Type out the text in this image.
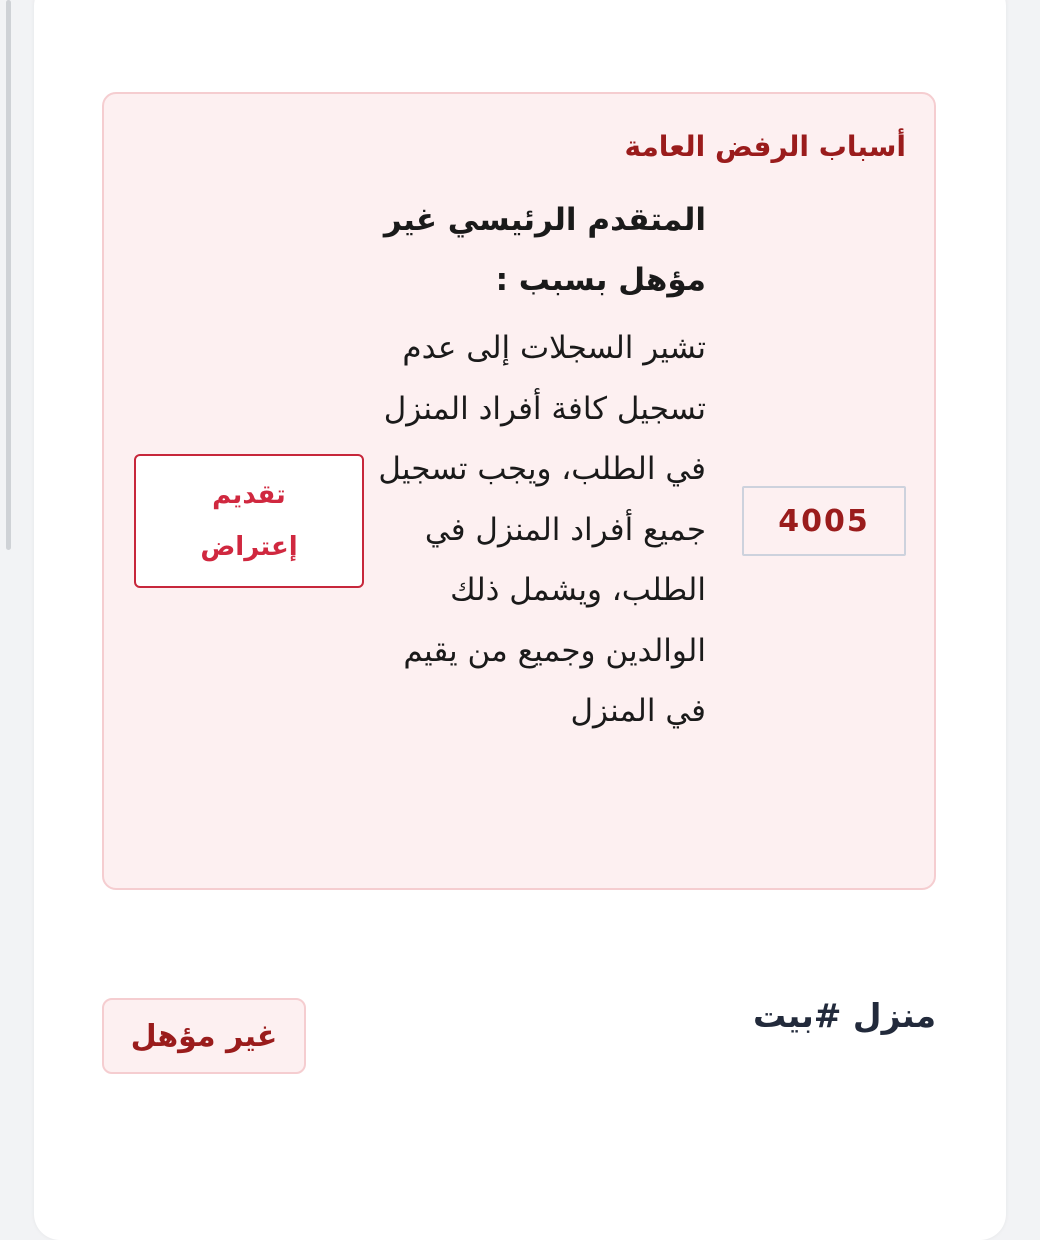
أسباب الرفض العامة

المتقدم الرئيسي غير مؤهل بسبب :

تشير السجلات إلى عدم تسجيل كافة أفراد المنزل في الطلب، ويجب تسجيل جميع أفراد المنزل في الطلب، ويشمل ذلك الوالدين وجميع من يقيم في المنزل

4005
تقديم إعتراض
منزل #بيت
غير مؤهل
